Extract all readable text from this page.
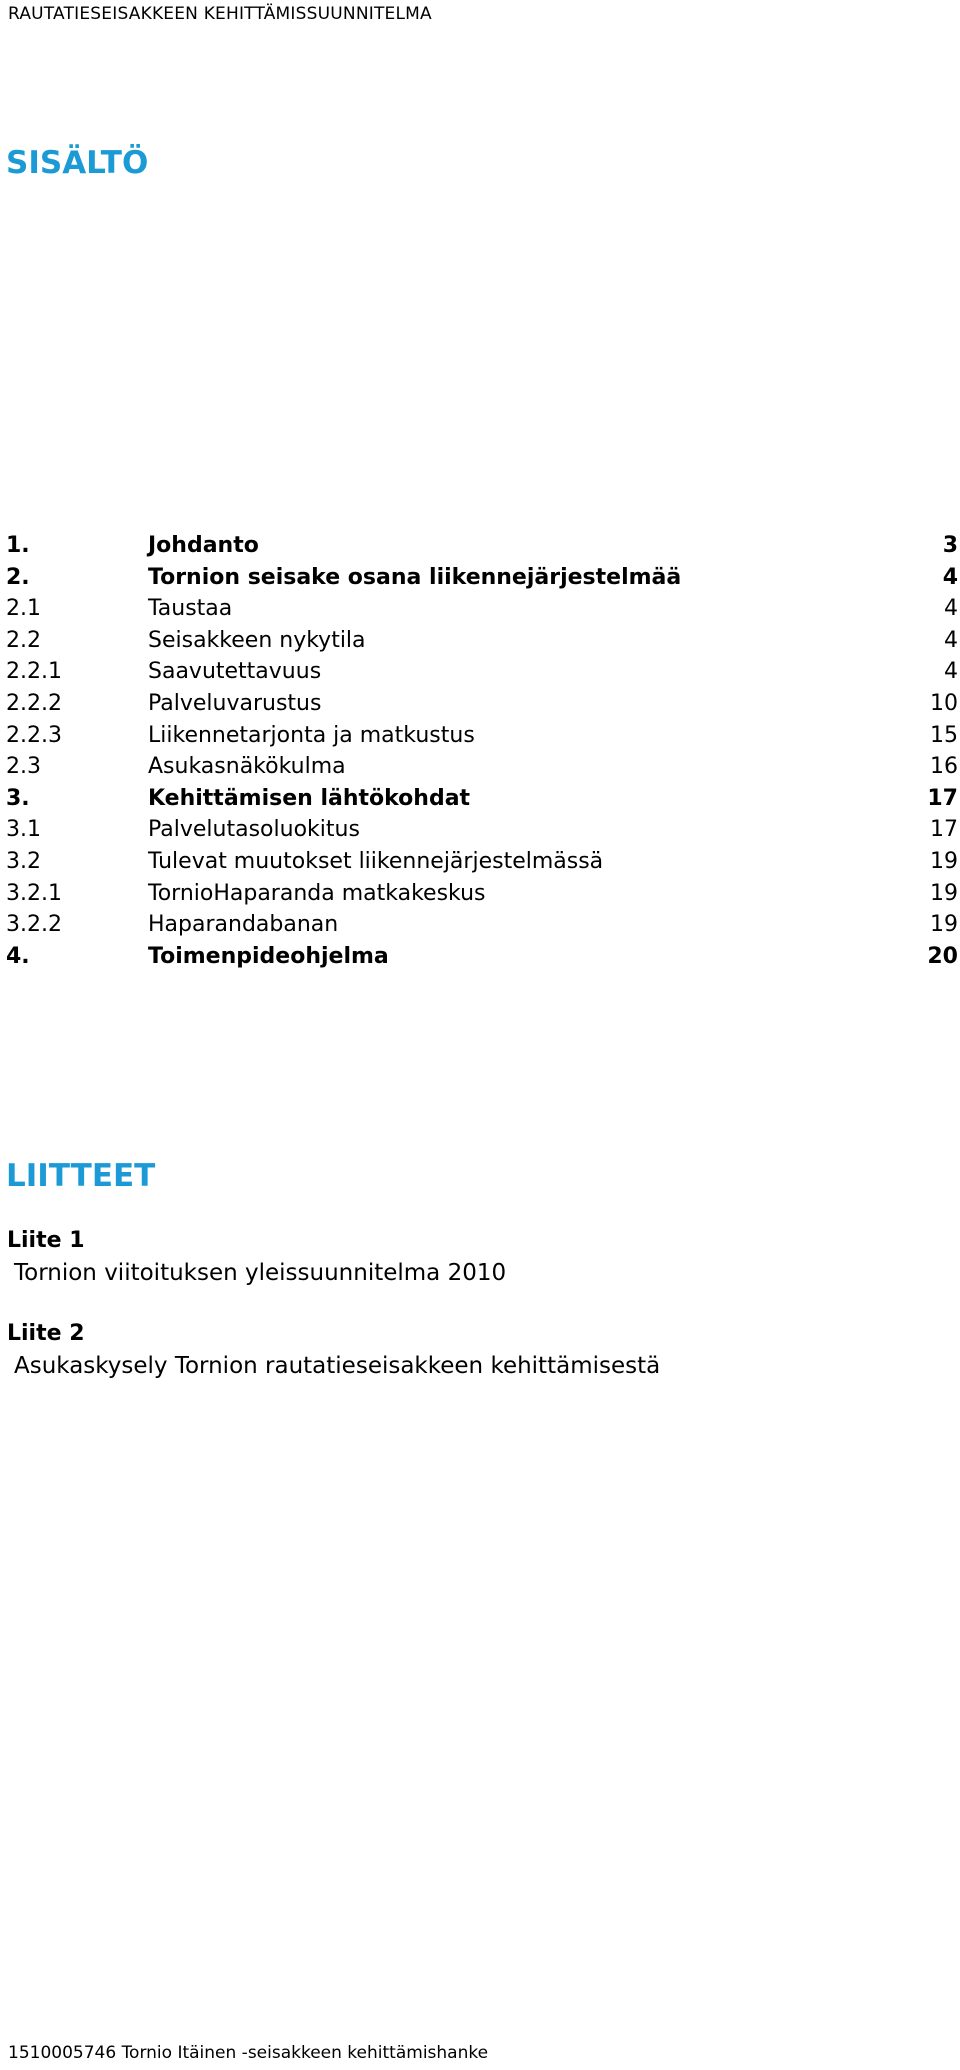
RAUTATIESEISAKKEEN KEHITTÄMISSUUNNITELMA
SISÄLTÖ
1.	Johdanto	3
2.	Tornion seisake osana liikennejärjestelmää	4
2.1	Taustaa	4
2.2	Seisakkeen nykytila	4
2.2.1	Saavutettavuus	4
2.2.2	Palveluvarustus	10
2.2.3	Liikennetarjonta ja matkustus	15
2.3	Asukasnäkökulma	16
3.	Kehittämisen lähtökohdat	17
3.1	Palvelutasoluokitus	17
3.2	Tulevat muutokset liikennejärjestelmässä	19
3.2.1	TornioHaparanda matkakeskus	19
3.2.2	Haparandabanan	19
4.	Toimenpideohjelma	20
LIITTEET
Liite 1
Tornion viitoituksen yleissuunnitelma 2010
Liite 2
Asukaskysely Tornion rautatieseisakkeen kehittämisestä
1510005746 Tornio Itäinen -seisakkeen kehittämishanke
